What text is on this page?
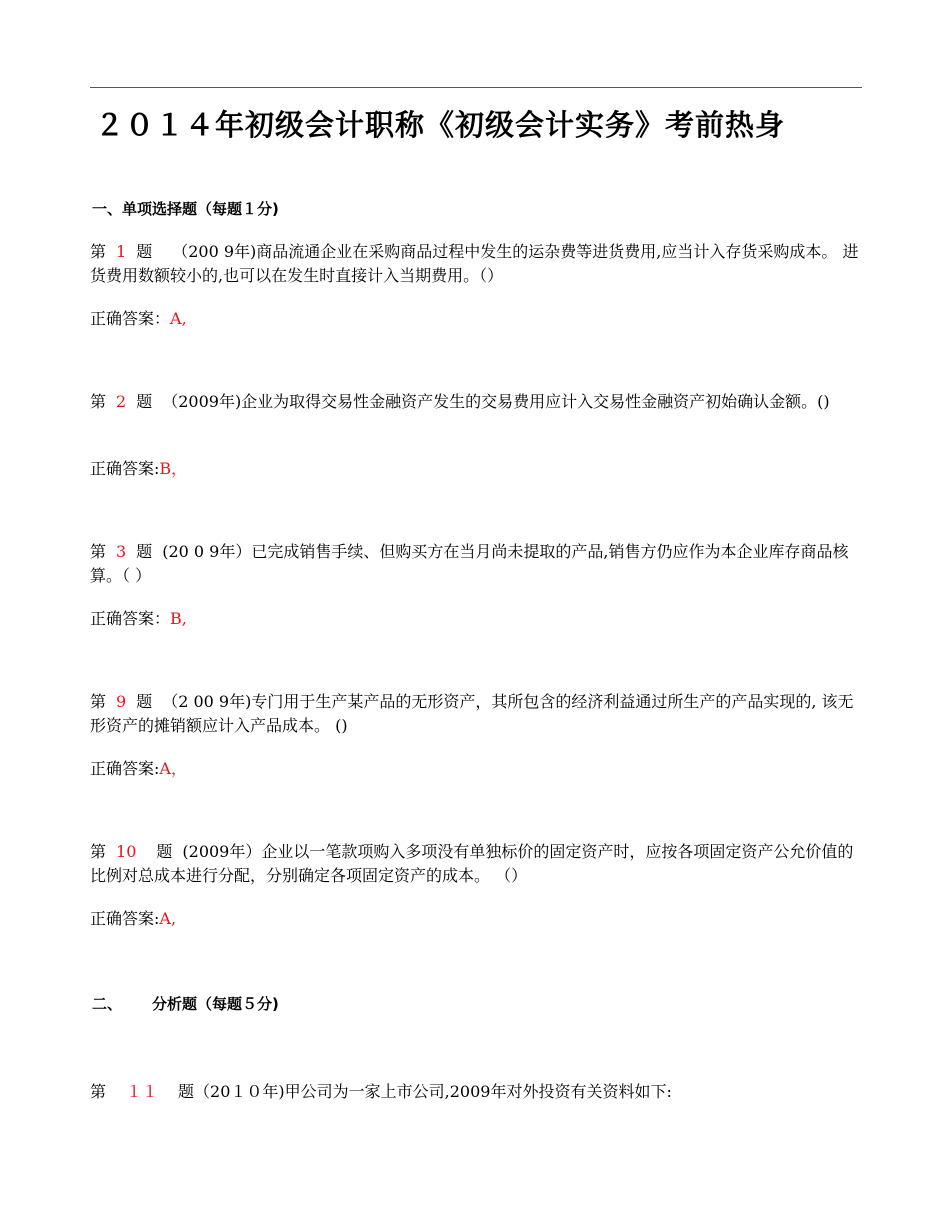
２０１４年初级会计职称《初级会计实务》考前热身
一、单项选择题（每题１分)
第 1 题 （200 9年)商品流通企业在采购商品过程中发生的运杂费等进货费用,应当计入存货采购成本。 进货费用数额较小的,也可以在发生时直接计入当期费用。（）
正确答案：A,
第 2 题 （2009年)企业为取得交易性金融资产发生的交易费用应计入交易性金融资产初始确认金额。()
正确答案:B，
第 3 题 (20 0 9年）已完成销售手续、但购买方在当月尚未提取的产品,销售方仍应作为本企业库存商品核算。（ ）
正确答案：B,
第 9 题 （2 00 9年)专门用于生产某产品的无形资产，其所包含的经济利益通过所生产的产品实现的, 该无形资产的摊销额应计入产品成本。 ()
正确答案:A，
第 10 题 (2009年）企业以一笔款项购入多项没有单独标价的固定资产时，应按各项固定资产公允价值的比例对总成本进行分配，分别确定各项固定资产的成本。 （）
正确答案:A,
二、 分析题（每题５分)
第 １１ 题（20１０年)甲公司为一家上市公司,2009年对外投资有关资料如下:
